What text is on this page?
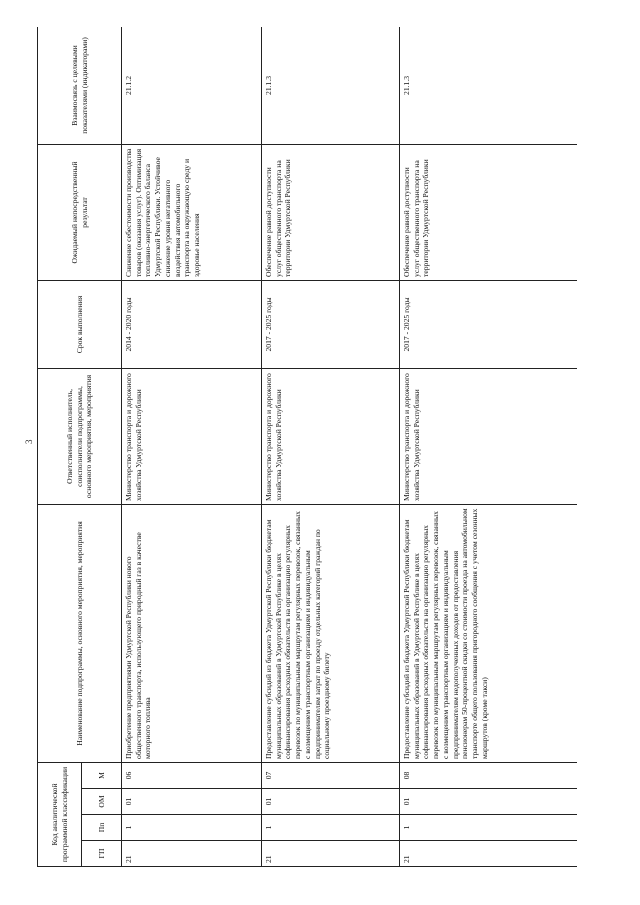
3
Код аналитической программной классификации				Наименование подпрограммы, основного мероприятия, мероприятия	Ответственный исполнитель, соисполнители подпрограммы, основного мероприятия, мероприятия	Срок выполнения	Ожидаемый непосредственный результат	Взаимосвязь с целевыми показателями (индикаторами)
ГП	Пп	ОМ	М					
21	1	01	06	Приобретение предприятиями Удмуртской Республики нового общественного транспорта, использующего природный газ в качестве моторного топлива	Министерство транспорта и дорожного хозяйства Удмуртской Республики	2014 - 2020 годы	Снижение себестоимости производства товаров (оказания услуг). Оптимизация топливно-энергетического баланса Удмуртской Республики. Устойчивое снижение уровня негативного воздействия автомобильного транспорта на окружающую среду и здоровье населения	21.1.2
21	1	01	07	Предоставление субсидий из бюджета Удмуртской Республики бюджетам муниципальных образований в Удмуртской Республике в целях софинансирования расходных обязательств на организацию регулярных перевозок по муниципальным маршрутам регулярных перевозок, связанных с возмещением транспортным организациям и индивидуальным предпринимателям затрат по проезду отдельных категорий граждан по социальному проездному билету	Министерство транспорта и дорожного хозяйства Удмуртской Республики	2017 - 2025 годы	Обеспечение равной доступности услуг общественного транспорта на территории Удмуртской Республики	21.1.3
21	1	01	08	Предоставление субсидий из бюджета Удмуртской Республики бюджетам муниципальных образований в Удмуртской Республике в целях софинансирования расходных обязательств на организацию регулярных перевозок по муниципальным маршрутам регулярных перевозок, связанных с возмещением транспортным организациям и индивидуальным предпринимателям недополученных доходов от предоставления пенсионерам 50-процентной скидки со стоимости проезда на автомобильном транспорте общего пользования пригородного сообщения с учетом сезонных маршрутов (кроме такси)	Министерство транспорта и дорожного хозяйства Удмуртской Республики	2017 - 2025 годы	Обеспечение равной доступности услуг общественного транспорта на территории Удмуртской Республики	21.1.3
